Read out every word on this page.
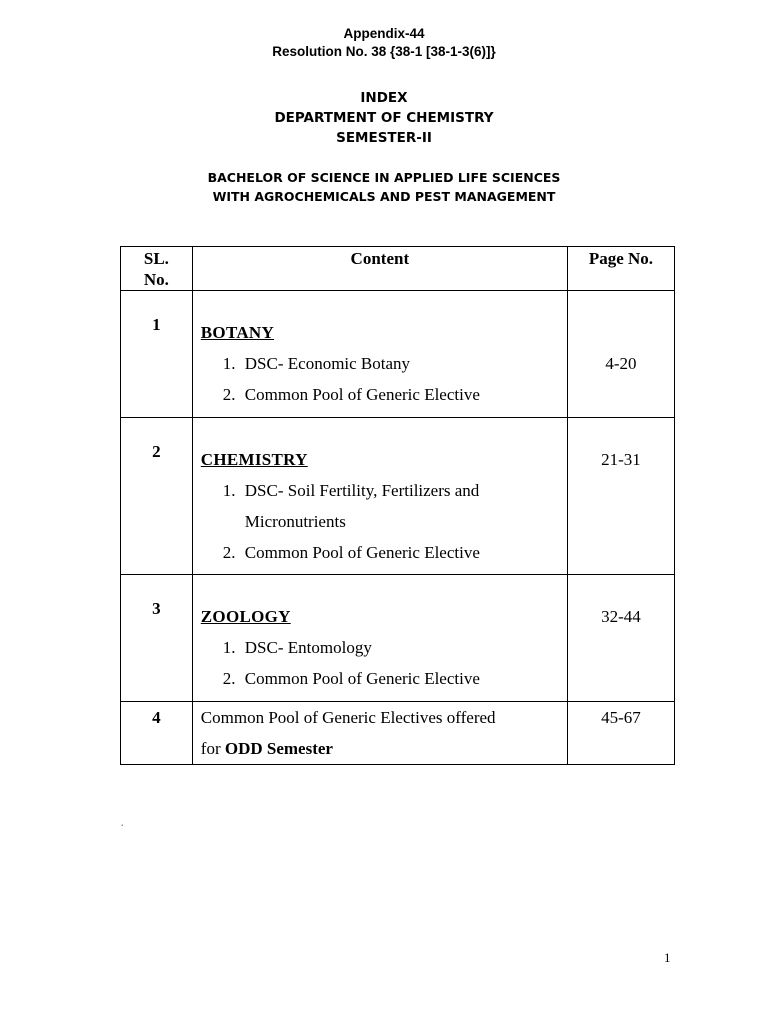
Appendix-44
Resolution No. 38 {38-1 [38-1-3(6)]}
INDEX
DEPARTMENT OF CHEMISTRY
SEMESTER-II
BACHELOR OF SCIENCE IN APPLIED LIFE SCIENCES
WITH AGROCHEMICALS AND PEST MANAGEMENT
SL.
No.	Content	Page No.

1	BOTANY
1. DSC- Economic Botany
2. Common Pool of Generic Elective	4-20

2	CHEMISTRY
1. DSC- Soil Fertility, Fertilizers and Micronutrients
2. Common Pool of Generic Elective	21-31

3	ZOOLOGY
1. DSC- Entomology
2. Common Pool of Generic Elective	32-44

4	Common Pool of Generic Electives offered
for ODD Semester	45-67
‘
1
